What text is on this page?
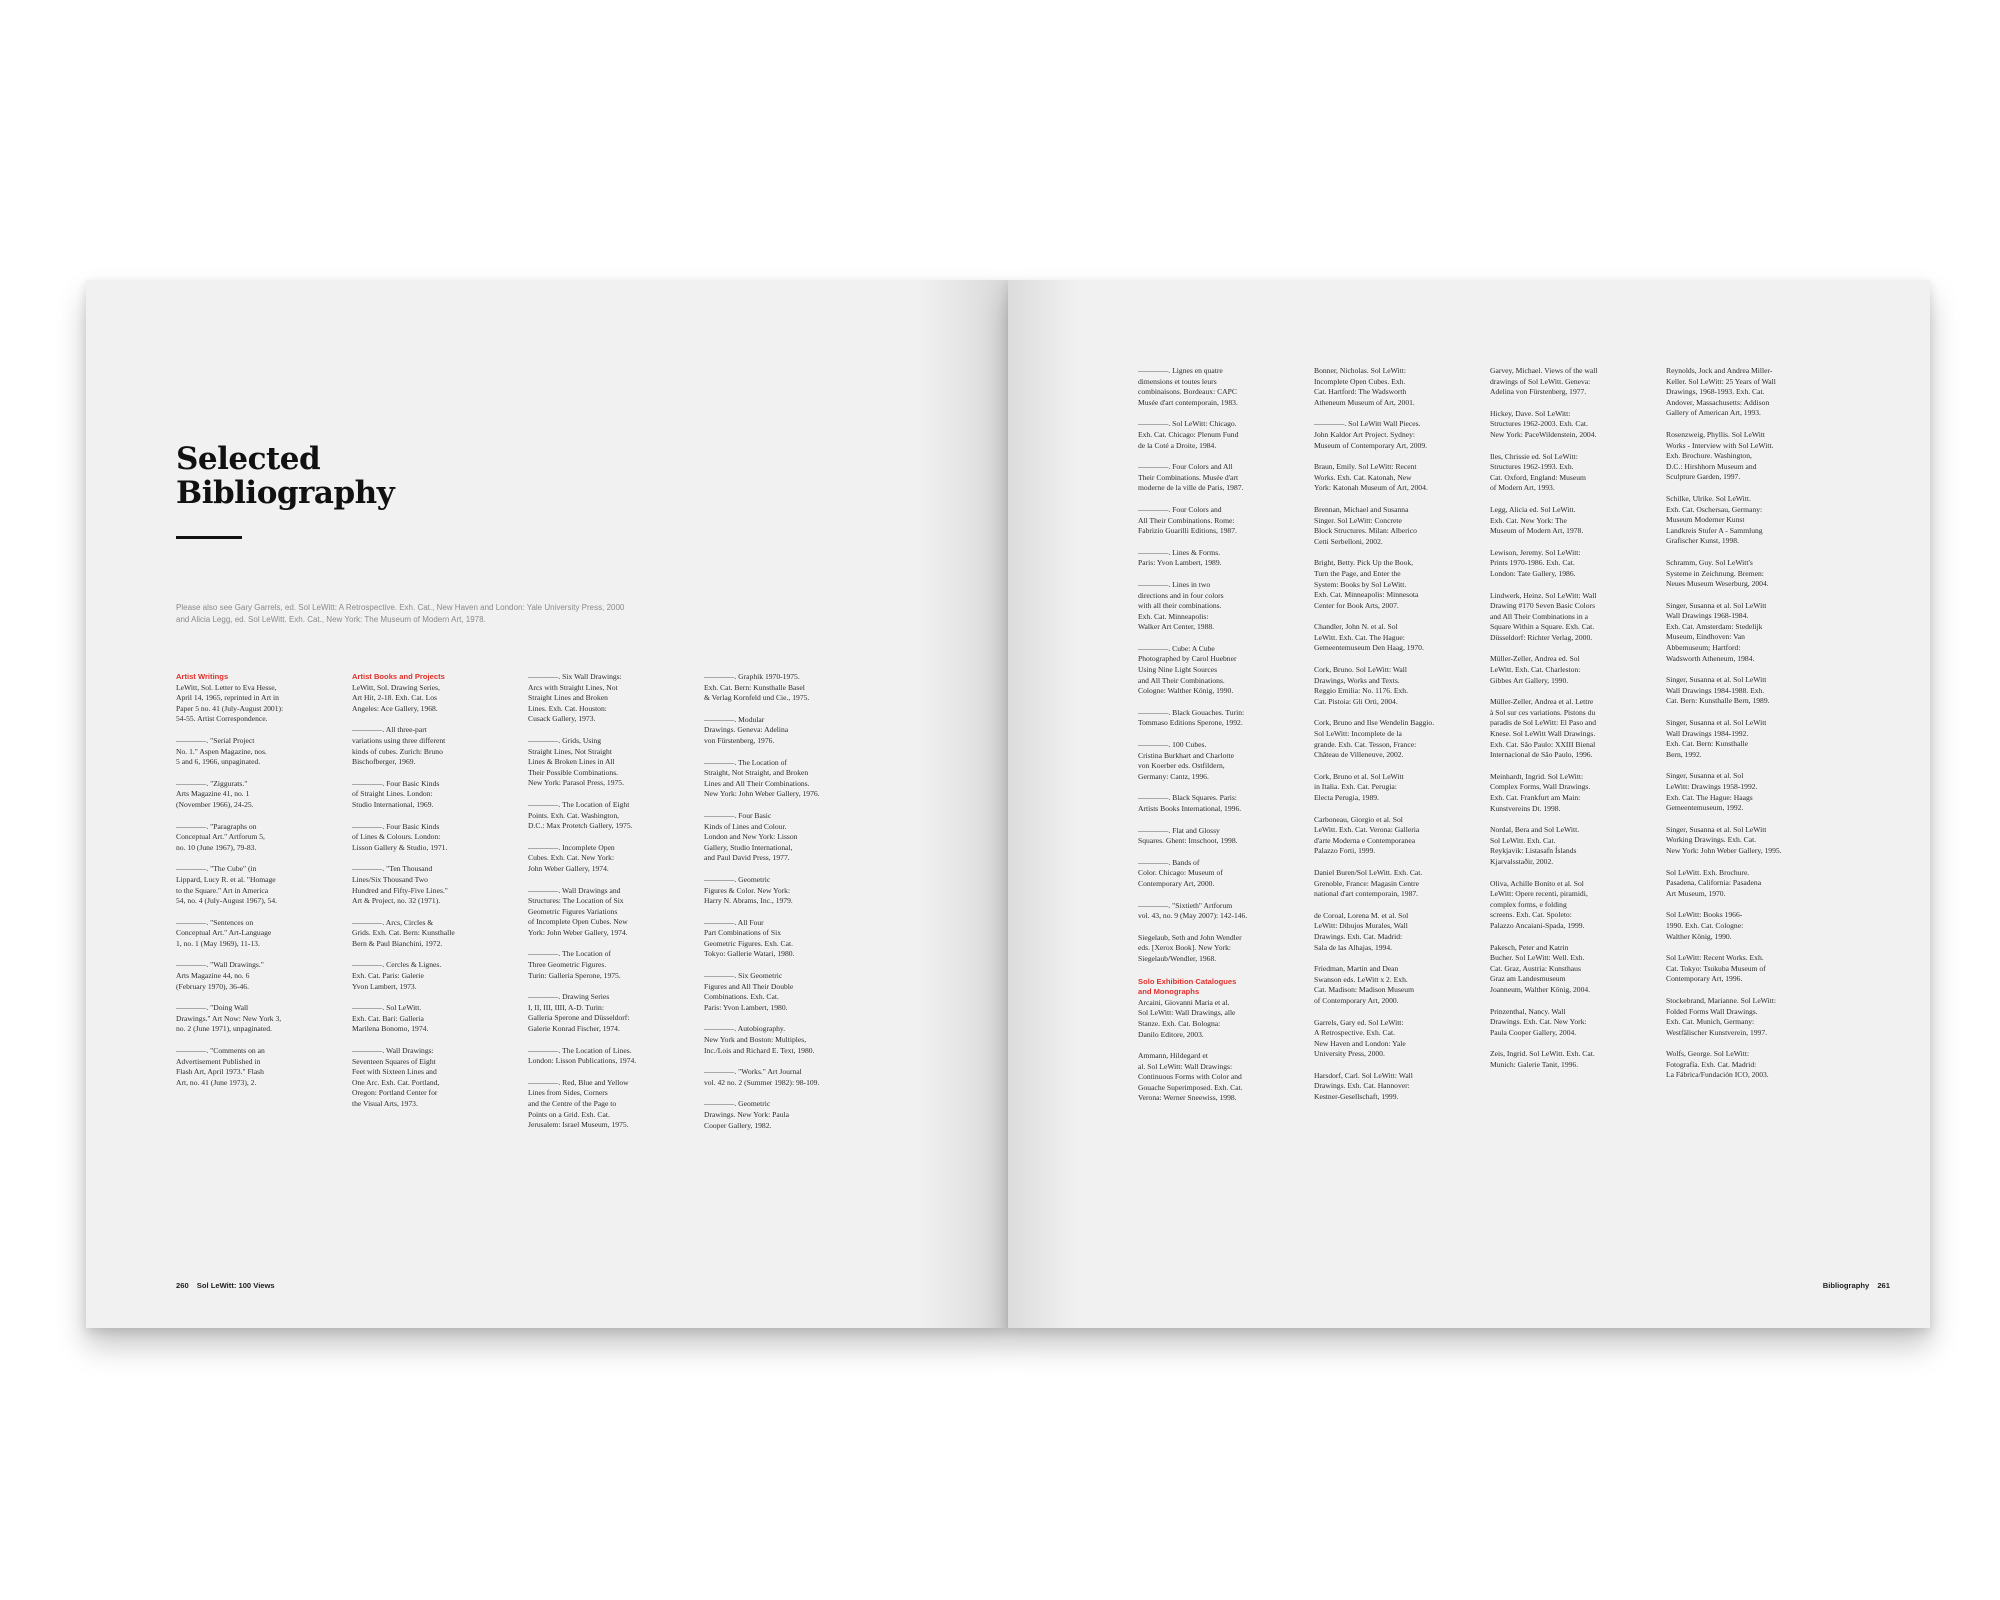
Selected
Bibliography
Please also see Gary Garrels, ed. Sol LeWitt: A Retrospective. Exh. Cat., New Haven and London: Yale University Press, 2000
and Alicia Legg, ed. Sol LeWitt. Exh. Cat., New York: The Museum of Modern Art, 1978.
Artist Writings
LeWitt, Sol. Letter to Eva Hesse,
April 14, 1965, reprinted in Art in
Paper 5 no. 41 (July-August 2001):
54-55. Artist Correspondence.
————. "Serial Project
No. 1." Aspen Magazine, nos.
5 and 6, 1966, unpaginated.
————. "Ziggurats."
Arts Magazine 41, no. 1
(November 1966), 24-25.
————. "Paragraphs on
Conceptual Art." Artforum 5,
no. 10 (June 1967), 79-83.
————. "The Cube" (in
Lippard, Lucy R. et al. "Homage
to the Square." Art in America
54, no. 4 (July-August 1967), 54.
————. "Sentences on
Conceptual Art." Art-Language
1, no. 1 (May 1969), 11-13.
————. "Wall Drawings."
Arts Magazine 44, no. 6
(February 1970), 36-46.
————. "Doing Wall
Drawings." Art Now: New York 3,
no. 2 (June 1971), unpaginated.
————. "Comments on an
Advertisement Published in
Flash Art, April 1973." Flash
Art, no. 41 (June 1973), 2.
Artist Books and Projects
LeWitt, Sol. Drawing Series,
Art Hit, 2-18. Exh. Cat. Los
Angeles: Ace Gallery, 1968.
————. All three-part
variations using three different
kinds of cubes. Zurich: Bruno
Bischofberger, 1969.
————. Four Basic Kinds
of Straight Lines. London:
Studio International, 1969.
————. Four Basic Kinds
of Lines & Colours. London:
Lisson Gallery & Studio, 1971.
————. "Ten Thousand
Lines/Six Thousand Two
Hundred and Fifty-Five Lines."
Art & Project, no. 32 (1971).
————. Arcs, Circles &
Grids. Exh. Cat. Bern: Kunsthalle
Bern & Paul Bianchini, 1972.
————. Cercles & Lignes.
Exh. Cat. Paris: Galerie
Yvon Lambert, 1973.
————. Sol LeWitt.
Exh. Cat. Bari: Galleria
Marilena Bonomo, 1974.
————. Wall Drawings:
Seventeen Squares of Eight
Feet with Sixteen Lines and
One Arc. Exh. Cat. Portland,
Oregon: Portland Center for
the Visual Arts, 1973.
————. Six Wall Drawings:
Arcs with Straight Lines, Not
Straight Lines and Broken
Lines. Exh. Cat. Houston:
Cusack Gallery, 1973.
————. Grids, Using
Straight Lines, Not Straight
Lines & Broken Lines in All
Their Possible Combinations.
New York: Parasol Press, 1975.
————. The Location of Eight
Points. Exh. Cat. Washington,
D.C.: Max Protetch Gallery, 1975.
————. Incomplete Open
Cubes. Exh. Cat. New York:
John Weber Gallery, 1974.
————. Wall Drawings and
Structures: The Location of Six
Geometric Figures Variations
of Incomplete Open Cubes. New
York: John Weber Gallery, 1974.
————. The Location of
Three Geometric Figures.
Turin: Galleria Sperone, 1975.
————. Drawing Series
I, II, III, IIII, A-D. Turin:
Galleria Sperone and Düsseldorf:
Galerie Konrad Fischer, 1974.
————. The Location of Lines.
London: Lisson Publications, 1974.
————. Red, Blue and Yellow
Lines from Sides, Corners
and the Centre of the Page to
Points on a Grid. Exh. Cat.
Jerusalem: Israel Museum, 1975.
————. Graphik 1970-1975.
Exh. Cat. Bern: Kunsthalle Basel
& Verlag Kornfeld und Cie., 1975.
————. Modular
Drawings. Geneva: Adelina
von Fürstenberg, 1976.
————. The Location of
Straight, Not Straight, and Broken
Lines and All Their Combinations.
New York: John Weber Gallery, 1976.
————. Four Basic
Kinds of Lines and Colour.
London and New York: Lisson
Gallery, Studio International,
and Paul David Press, 1977.
————. Geometric
Figures & Color. New York:
Harry N. Abrams, Inc., 1979.
————. All Four
Part Combinations of Six
Geometric Figures. Exh. Cat.
Tokyo: Gallerie Watari, 1980.
————. Six Geometric
Figures and All Their Double
Combinations. Exh. Cat.
Paris: Yvon Lambert, 1980.
————. Autobiography.
New York and Boston: Multiples,
Inc./Lois and Richard E. Text, 1980.
————. "Works." Art Journal
vol. 42 no. 2 (Summer 1982): 98-109.
————. Geometric
Drawings. New York: Paula
Cooper Gallery, 1982.
260 Sol LeWitt: 100 Views
————. Lignes en quatre
dimensions et toutes leurs
combinaisons. Bordeaux: CAPC
Musée d'art contemporain, 1983.
————. Sol LeWitt: Chicago.
Exh. Cat. Chicago: Plenum Fund
de la Coté a Droite, 1984.
————. Four Colors and All
Their Combinations. Musée d'art
moderne de la ville de Paris, 1987.
————. Four Colors and
All Their Combinations. Rome:
Fabrizio Guarilli Editions, 1987.
————. Lines & Forms.
Paris: Yvon Lambert, 1989.
————. Lines in two
directions and in four colors
with all their combinations.
Exh. Cat. Minneapolis:
Walker Art Center, 1988.
————. Cube: A Cube
Photographed by Carol Huebner
Using Nine Light Sources
and All Their Combinations.
Cologne: Walther König, 1990.
————. Black Gouaches. Turin:
Tommaso Editions Sperone, 1992.
————. 100 Cubes.
Cristina Burkhart and Charlotte
von Koerber eds. Ostfildern,
Germany: Cantz, 1996.
————. Black Squares. Paris:
Artists Books International, 1996.
————. Flat and Glossy
Squares. Ghent: Imschoot, 1998.
————. Bands of
Color. Chicago: Museum of
Contemporary Art, 2000.
————. "Sixtieth" Artforum
vol. 43, no. 9 (May 2007): 142-146.
Siegelaub, Seth and John Wendler
eds. [Xerox Book]. New York:
Siegelaub/Wendler, 1968.
Solo Exhibition Catalogues
and Monographs
Arcaini, Giovanni Maria et al.
Sol LeWitt: Wall Drawings, alle
Stanze. Exh. Cat. Bologna:
Danilo Editore, 2003.
Ammann, Hildegard et
al. Sol LeWitt: Wall Drawings:
Continuous Forms with Color and
Gouache Superimposed. Exh. Cat.
Verona: Werner Sneewiss, 1998.
Bonner, Nicholas. Sol LeWitt:
Incomplete Open Cubes. Exh.
Cat. Hartford: The Wadsworth
Atheneum Museum of Art, 2001.
————. Sol LeWitt Wall Pieces.
John Kaldor Art Project. Sydney:
Museum of Contemporary Art, 2009.
Braun, Emily. Sol LeWitt: Recent
Works. Exh. Cat. Katonah, New
York: Katonah Museum of Art, 2004.
Brennan, Michael and Susanna
Singer. Sol LeWitt: Concrete
Block Structures. Milan: Alberico
Cetti Serbelloni, 2002.
Bright, Betty. Pick Up the Book,
Turn the Page, and Enter the
System: Books by Sol LeWitt.
Exh. Cat. Minneapolis: Minnesota
Center for Book Arts, 2007.
Chandler, John N. et al. Sol
LeWitt. Exh. Cat. The Hague:
Gemeentemuseum Den Haag, 1970.
Cork, Bruno. Sol LeWitt: Wall
Drawings, Works and Texts.
Reggio Emilia: No. 1176. Exh.
Cat. Pistoia: Gli Orti, 2004.
Cork, Bruno and Ilse Wendelin Baggio.
Sol LeWitt: Incomplete de la
grande. Exh. Cat. Tesson, France:
Château de Villeneuve, 2002.
Cork, Bruno et al. Sol LeWitt
in Italia. Exh. Cat. Perugia:
Electa Perugia, 1989.
Carboneau, Giorgio et al. Sol
LeWitt. Exh. Cat. Verona: Galleria
d'arte Moderna e Contemporanea
Palazzo Forti, 1999.
Daniel Buren/Sol LeWitt. Exh. Cat.
Grenoble, France: Magasin Centre
national d'art contemporain, 1987.
de Coroal, Lorena M. et al. Sol
LeWitt: Dibujos Murales, Wall
Drawings. Exh. Cat. Madrid:
Sala de las Alhajas, 1994.
Friedman, Martin and Dean
Swanson eds. LeWitt x 2. Exh.
Cat. Madison: Madison Museum
of Contemporary Art, 2000.
Garrels, Gary ed. Sol LeWitt:
A Retrospective. Exh. Cat.
New Haven and London: Yale
University Press, 2000.
Harsdorf, Carl. Sol LeWitt: Wall
Drawings. Exh. Cat. Hannover:
Kestner-Gesellschaft, 1999.
Garvey, Michael. Views of the wall
drawings of Sol LeWitt. Geneva:
Adelina von Fürstenberg, 1977.
Hickey, Dave. Sol LeWitt:
Structures 1962-2003. Exh. Cat.
New York: PaceWildenstein, 2004.
Iles, Chrissie ed. Sol LeWitt:
Structures 1962-1993. Exh.
Cat. Oxford, England: Museum
of Modern Art, 1993.
Legg, Alicia ed. Sol LeWitt.
Exh. Cat. New York: The
Museum of Modern Art, 1978.
Lewison, Jeremy. Sol LeWitt:
Prints 1970-1986. Exh. Cat.
London: Tate Gallery, 1986.
Lindwerk, Heinz. Sol LeWitt: Wall
Drawing #170 Seven Basic Colors
and All Their Combinations in a
Square Within a Square. Exh. Cat.
Düsseldorf: Richter Verlag, 2000.
Müller-Zeller, Andrea ed. Sol
LeWitt. Exh. Cat. Charleston:
Gibbes Art Gallery, 1990.
Müller-Zeller, Andrea et al. Lettre
à Sol sur ces variations. Pistons du
paradis de Sol LeWitt: El Paso and
Knese. Sol LeWitt Wall Drawings.
Exh. Cat. São Paulo: XXIII Bienal
Internacional de São Paulo, 1996.
Meinhardt, Ingrid. Sol LeWitt:
Complex Forms, Wall Drawings.
Exh. Cat. Frankfurt am Main:
Kunstvereins Dt. 1998.
Nordal, Bera and Sol LeWitt.
Sol LeWitt. Exh. Cat.
Reykjavik: Listasafn Íslands
Kjarvalsstaðir, 2002.
Oliva, Achille Bonito et al. Sol
LeWitt: Opere recenti, piramidi,
complex forms, e folding
screens. Exh. Cat. Spoleto:
Palazzo Ancaiani-Spada, 1999.
Pakesch, Peter and Katrin
Bucher. Sol LeWitt: Well. Exh.
Cat. Graz, Austria: Kunsthaus
Graz am Landesmuseum
Joanneum, Walther König, 2004.
Prinzenthal, Nancy. Wall
Drawings. Exh. Cat. New York:
Paula Cooper Gallery, 2004.
Zeis, Ingrid. Sol LeWitt. Exh. Cat.
Munich: Galerie Tanit, 1996.
Reynolds, Jock and Andrea Miller-
Keller. Sol LeWitt: 25 Years of Wall
Drawings, 1968-1993. Exh. Cat.
Andover, Massachusetts: Addison
Gallery of American Art, 1993.
Rosenzweig, Phyllis. Sol LeWitt
Works - Interview with Sol LeWitt.
Exh. Brochure. Washington,
D.C.: Hirshhorn Museum and
Sculpture Garden, 1997.
Schilke, Ulrike. Sol LeWitt.
Exh. Cat. Oschersau, Germany:
Museum Moderner Kunst
Landkreis Stufer A - Sammlung
Grafischer Kunst, 1998.
Schramm, Guy. Sol LeWitt's
Systeme in Zeichnung. Bremen:
Neues Museum Weserburg, 2004.
Singer, Susanna et al. Sol LeWitt
Wall Drawings 1968-1984.
Exh. Cat. Amsterdam: Stedelijk
Museum, Eindhoven: Van
Abbemuseum; Hartford:
Wadsworth Atheneum, 1984.
Singer, Susanna et al. Sol LeWitt
Wall Drawings 1984-1988. Exh.
Cat. Bern: Kunsthalle Bern, 1989.
Singer, Susanna et al. Sol LeWitt
Wall Drawings 1984-1992.
Exh. Cat. Bern: Kunsthalle
Bern, 1992.
Singer, Susanna et al. Sol
LeWitt: Drawings 1958-1992.
Exh. Cat. The Hague: Haags
Gemeentemuseum, 1992.
Singer, Susanna et al. Sol LeWitt
Working Drawings. Exh. Cat.
New York: John Weber Gallery, 1995.
Sol LeWitt. Exh. Brochure.
Pasadena, California: Pasadena
Art Museum, 1970.
Sol LeWitt: Books 1966-
1990. Exh. Cat. Cologne:
Walther König, 1990.
Sol LeWitt: Recent Works. Exh.
Cat. Tokyo: Tsukuba Museum of
Contemporary Art, 1996.
Stockebrand, Marianne. Sol LeWitt:
Folded Forms Wall Drawings.
Exh. Cat. Munich, Germany:
Westfälischer Kunstverein, 1997.
Wolfs, George. Sol LeWitt:
Fotografía. Exh. Cat. Madrid:
La Fábrica/Fundación ICO, 2003.
Bibliography 261
